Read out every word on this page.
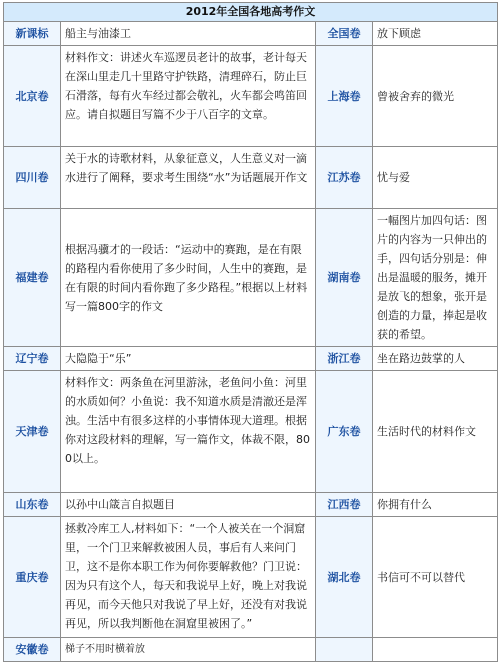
2012年全国各地高考作文			
新课标	船主与油漆工	全国卷	放下顾虑
北京卷	材料作文：讲述火车巡逻员老计的故事，老计每天在深山里走几十里路守护铁路，清理碎石，防止巨石滑落，每有火车经过都会敬礼，火车都会鸣笛回应。请自拟题目写篇不少于八百字的文章。	上海卷	曾被舍弃的微光
四川卷	关于水的诗歌材料，从象征意义，人生意义对一滴水进行了阐释，要求考生围绕“水”为话题展开作文	江苏卷	忧与爱
福建卷	根据冯骥才的一段话：“运动中的赛跑，是在有限的路程内看你使用了多少时间，人生中的赛跑，是在有限的时间内看你跑了多少路程。”根据以上材料写一篇800字的作文	湖南卷	一幅图片加四句话：图片的内容为一只伸出的手，四句话分别是：伸出是温暖的服务，摊开是放飞的想象，张开是创造的力量，捧起是收获的希望。
辽宁卷	大隐隐于“乐”	浙江卷	坐在路边鼓掌的人
天津卷	材料作文：两条鱼在河里游泳，老鱼问小鱼：河里的水质如何？小鱼说：我不知道水质是清澈还是浑浊。生活中有很多这样的小事情体现大道理。根据你对这段材料的理解，写一篇作文，体裁不限，800以上。	广东卷	生活时代的材料作文
山东卷	以孙中山箴言自拟题目	江西卷	你拥有什么
重庆卷	拯救冷库工人,材料如下：“一个人被关在一个洞窟里，一个门卫来解救被困人员，事后有人来问门卫，这不是你本职工作为何你要解救他？门卫说：因为只有这个人，每天和我说早上好，晚上对我说再见，而今天他只对我说了早上好，还没有对我说再见，所以我判断他在洞窟里被困了。”	湖北卷	书信可不可以替代
安徽卷	梯子不用时横着放		
